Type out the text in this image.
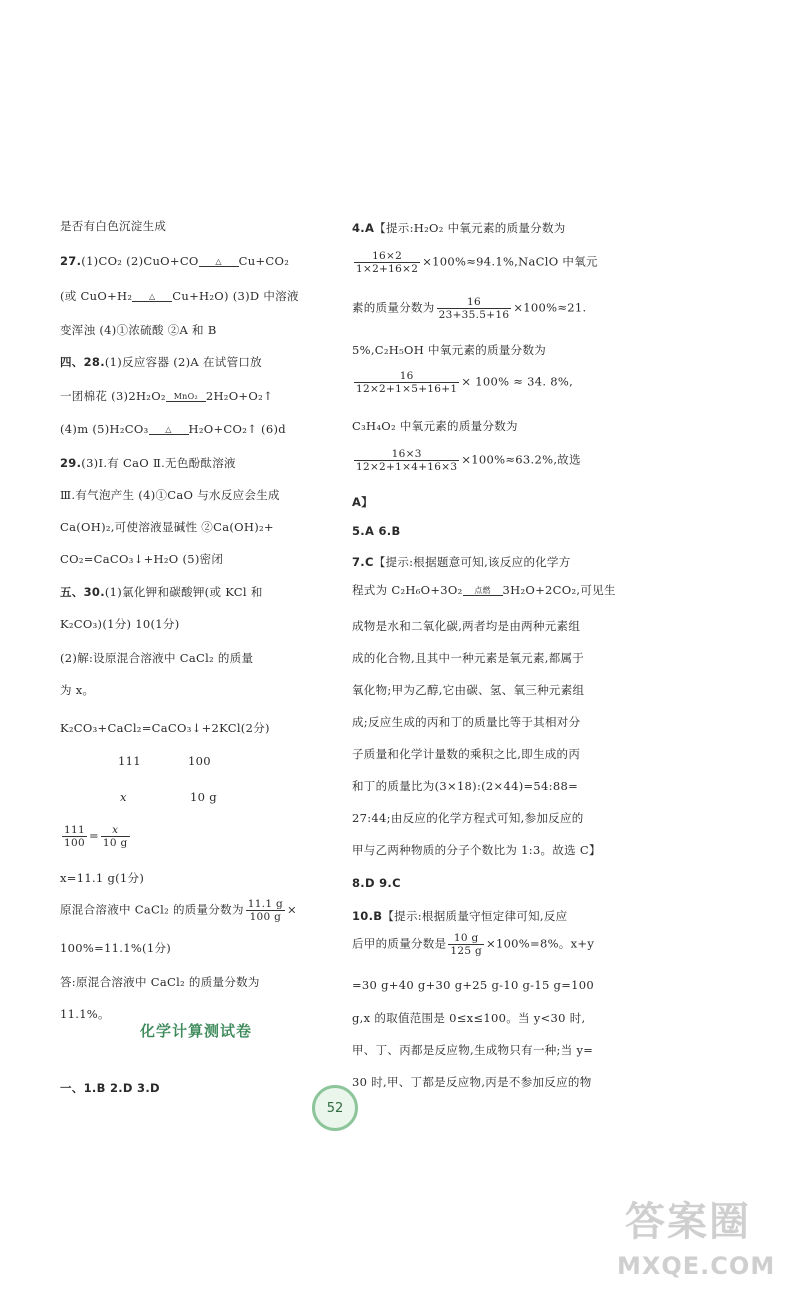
是否有白色沉淀生成
27.(1)CO₂ (2)CuO+CO	△	Cu+CO₂
(或 CuO+H₂	△	Cu+H₂O) (3)D 中溶液
变浑浊 (4)①浓硫酸 ②A 和 B
四、28.(1)反应容器 (2)A 在试管口放
一团棉花 (3)2H₂O₂ MnO₂ 2H₂O+O₂↑
(4)m (5)H₂CO₃	△	H₂O+CO₂↑ (6)d
29.(3)Ⅰ.有 CaO Ⅱ.无色酚酞溶液
Ⅲ.有气泡产生 (4)①CaO 与水反应会生成
Ca(OH)₂,可使溶液显碱性 ②Ca(OH)₂+
CO₂=CaCO₃↓+H₂O (5)密闭
五、30.(1)氯化钾和碳酸钾(或 KCl 和
K₂CO₃)(1分) 10(1分)
(2)解:设原混合溶液中 CaCl₂ 的质量
为 x。
K₂CO₃+CaCl₂=CaCO₃↓+2KCl(2分)
111	100
x	10 g
$\frac{111}{100} = \frac{x}{10 g}$
x=11.1 g(1分)
原混合溶液中 CaCl₂ 的质量分数为 $\frac{11.1 g}{100 g}$ ×
100%=11.1%(1分)
答:原混合溶液中 CaCl₂ 的质量分数为
11.1%。
一、1.B 2.D 3.D
化学计算测试卷
4.A【提示:H₂O₂ 中氧元素的质量分数为
$\frac{16\times 2}{1\times 2+16\times 2}$ ×100%≈94.1%,NaClO 中氧元
素的质量分数为 $\frac{16}{23+35.5+16} \times 100\%\approx 21$.
5%,C₂H₅OH 中氧元素的质量分数为
$\frac{16}{12\times 2+1\times 5+16+1} \times 100\% \approx 34$. 8%,
C₃H₄O₂ 中氧元素的质量分数为
$\frac{16\times 3}{12\times 2+1\times 4+16\times 3} \times 100\%\approx 63.2\%$,故选
A】
5.A 6.B
7.C【提示:根据题意可知,该反应的化学方
程式为 C₂H₆O+3O₂	点燃	3H₂O+2CO₂,可见生
成物是水和二氧化碳,两者均是由两种元素组
成的化合物,且其中一种元素是氧元素,都属于
氧化物;甲为乙醇,它由碳、氢、氧三种元素组
成;反应生成的丙和丁的质量比等于其相对分
子质量和化学计量数的乘积之比,即生成的丙
和丁的质量比为(3×18):(2×44)=54:88=
27:44;由反应的化学方程式可知,参加反应的
甲与乙两种物质的分子个数比为 1:3。故选 C】
8.D 9.C
10.B【提示:根据质量守恒定律可知,反应
后甲的质量分数是 $\frac{10 g}{125 g} \times 100\%=8\%$。x+y
=30 g+40 g+30 g+25 g-10 g-15 g=100
g,x 的取值范围是 0≤x≤100。当 y<30 时,
甲、丁、丙都是反应物,生成物只有一种;当 y=
30 时,甲、丁都是反应物,丙是不参加反应的物
52
答案圈
MXQE.COM
